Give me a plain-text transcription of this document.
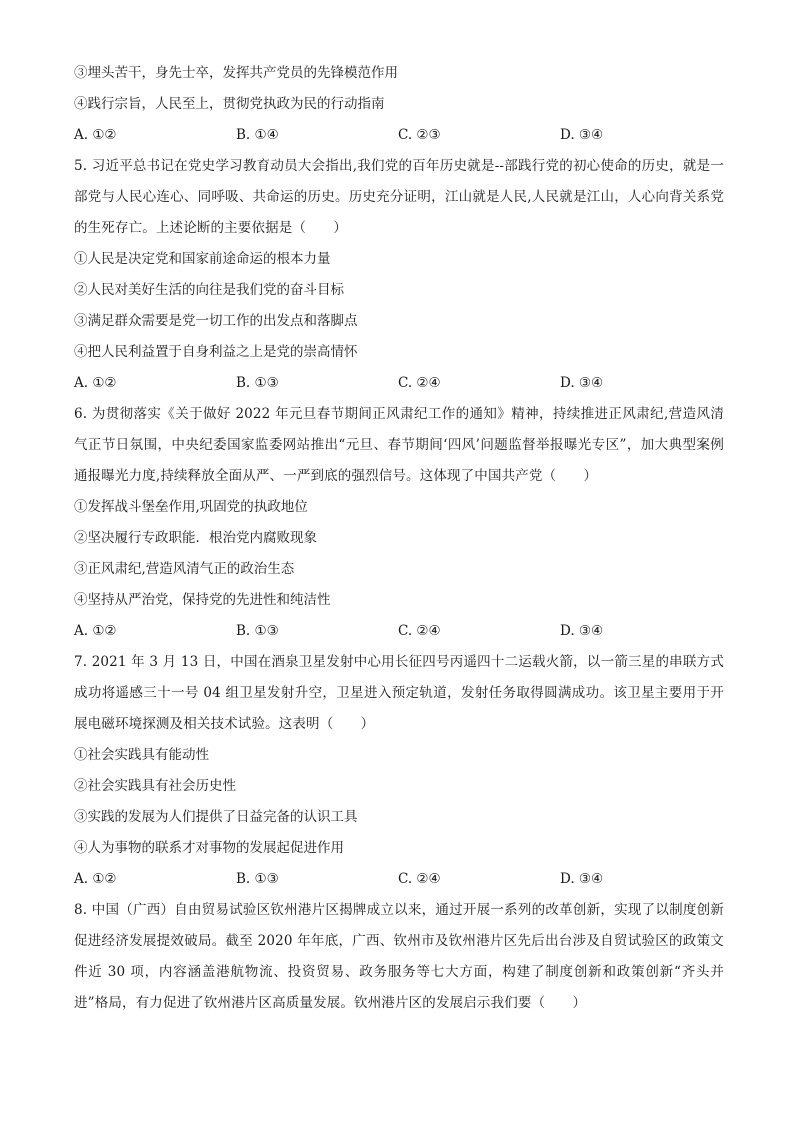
③埋头苦干，身先士卒，发挥共产党员的先锋模范作用
④践行宗旨，人民至上，贯彻党执政为民的行动指南
A. ①②	B. ①④	C. ②③	D. ③④
5. 习近平总书记在党史学习教育动员大会指出,我们党的百年历史就是--部践行党的初心使命的历史，就是一部党与人民心连心、同呼吸、共命运的历史。历史充分证明，江山就是人民,人民就是江山，人心向背关系党的生死存亡。上述论断的主要依据是（　　）
①人民是决定党和国家前途命运的根本力量
②人民对美好生活的向往是我们党的奋斗目标
③满足群众需要是党一切工作的出发点和落脚点
④把人民利益置于自身利益之上是党的崇高情怀
A. ①②	B. ①③	C. ②④	D. ③④
6. 为贯彻落实《关于做好 2022 年元旦春节期间正风肃纪工作的通知》精神，持续推进正风肃纪,营造风清气正节日氛围，中央纪委国家监委网站推出“元旦、春节期间‘四风’问题监督举报曝光专区”，加大典型案例通报曝光力度,持续释放全面从严、一严到底的强烈信号。这体现了中国共产党（　　）
①发挥战斗堡垒作用,巩固党的执政地位
②坚决履行专政职能．根治党内腐败现象
③正风肃纪,营造风清气正的政治生态
④坚持从严治党，保持党的先进性和纯洁性
A. ①②	B. ①③	C. ②④	D. ③④
7. 2021 年 3 月 13 日，中国在酒泉卫星发射中心用长征四号丙遥四十二运载火箭，以一箭三星的串联方式成功将遥感三十一号 04 组卫星发射升空，卫星进入预定轨道，发射任务取得圆满成功。该卫星主要用于开展电磁环境探测及相关技术试验。这表明（　　）
①社会实践具有能动性
②社会实践具有社会历史性
③实践的发展为人们提供了日益完备的认识工具
④人为事物的联系才对事物的发展起促进作用
A. ①②	B. ①③	C. ②④	D. ③④
8. 中国（广西）自由贸易试验区钦州港片区揭牌成立以来，通过开展一系列的改革创新，实现了以制度创新促进经济发展提效破局。截至 2020 年年底，广西、钦州市及钦州港片区先后出台涉及自贸试验区的政策文件近 30 项，内容涵盖港航物流、投资贸易、政务服务等七大方面，构建了制度创新和政策创新“齐头并进”格局，有力促进了钦州港片区高质量发展。钦州港片区的发展启示我们要（　　）
